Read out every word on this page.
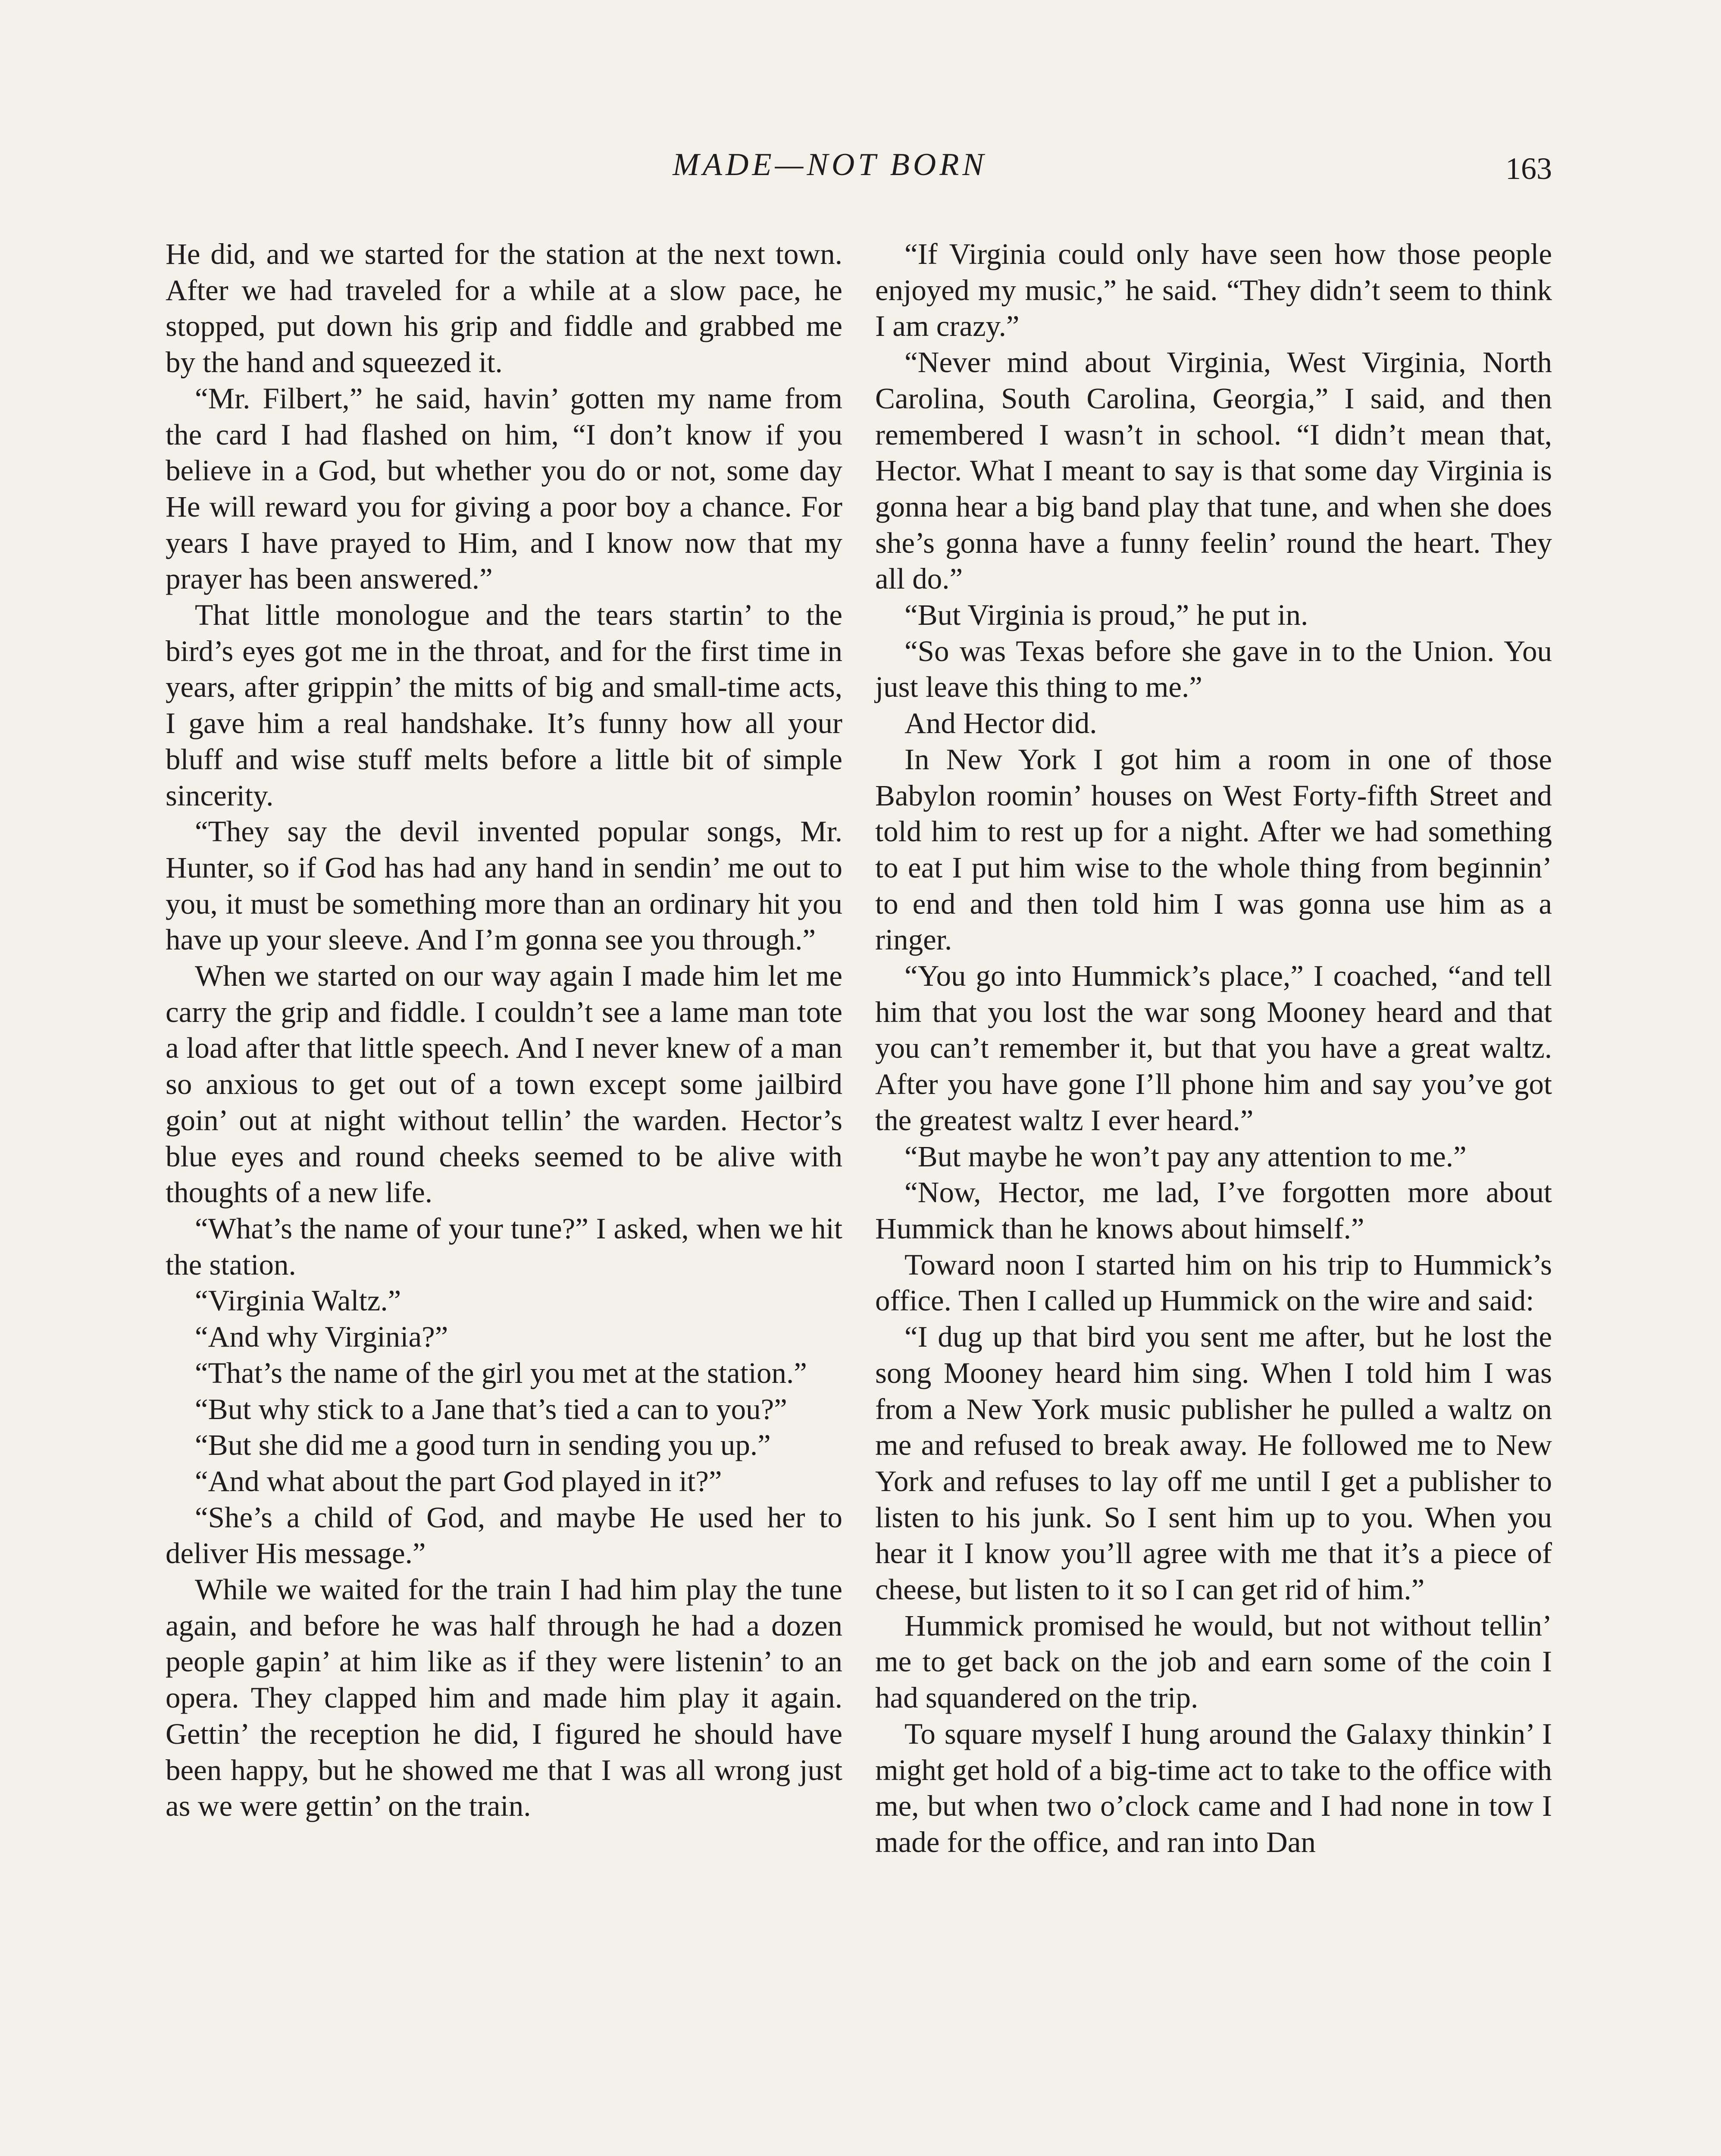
MADE—NOT BORN	163

He did, and we started for the station at the next town. After we had traveled for a while at a slow pace, he stopped, put down his grip and fiddle and grabbed me by the hand and squeezed it.

“Mr. Filbert,” he said, havin’ gotten my name from the card I had flashed on him, “I don’t know if you believe in a God, but whether you do or not, some day He will reward you for giving a poor boy a chance. For years I have prayed to Him, and I know now that my prayer has been answered.”

That little monologue and the tears startin’ to the bird’s eyes got me in the throat, and for the first time in years, after grippin’ the mitts of big and small-time acts, I gave him a real handshake. It’s funny how all your bluff and wise stuff melts before a little bit of simple sincerity.

“They say the devil invented popular songs, Mr. Hunter, so if God has had any hand in sendin’ me out to you, it must be something more than an ordinary hit you have up your sleeve. And I’m gonna see you through.”

When we started on our way again I made him let me carry the grip and fiddle. I couldn’t see a lame man tote a load after that little speech. And I never knew of a man so anxious to get out of a town except some jailbird goin’ out at night without tellin’ the warden. Hector’s blue eyes and round cheeks seemed to be alive with thoughts of a new life.

“What’s the name of your tune?” I asked, when we hit the station.

“Virginia Waltz.”

“And why Virginia?”

“That’s the name of the girl you met at the station.”

“But why stick to a Jane that’s tied a can to you?”

“But she did me a good turn in sending you up.”

“And what about the part God played in it?”

“She’s a child of God, and maybe He used her to deliver His message.”

While we waited for the train I had him play the tune again, and before he was half through he had a dozen people gapin’ at him like as if they were listenin’ to an opera. They clapped him and made him play it again. Gettin’ the reception he did, I figured he should have been happy, but he showed me that I was all wrong just as we were gettin’ on the train.

“If Virginia could only have seen how those people enjoyed my music,” he said. “They didn’t seem to think I am crazy.”

“Never mind about Virginia, West Virginia, North Carolina, South Carolina, Georgia,” I said, and then remembered I wasn’t in school. “I didn’t mean that, Hector. What I meant to say is that some day Virginia is gonna hear a big band play that tune, and when she does she’s gonna have a funny feelin’ round the heart. They all do.”

“But Virginia is proud,” he put in.

“So was Texas before she gave in to the Union. You just leave this thing to me.”

And Hector did.

In New York I got him a room in one of those Babylon roomin’ houses on West Forty-fifth Street and told him to rest up for a night. After we had something to eat I put him wise to the whole thing from beginnin’ to end and then told him I was gonna use him as a ringer.

“You go into Hummick’s place,” I coached, “and tell him that you lost the war song Mooney heard and that you can’t remember it, but that you have a great waltz. After you have gone I’ll phone him and say you’ve got the greatest waltz I ever heard.”

“But maybe he won’t pay any attention to me.”

“Now, Hector, me lad, I’ve forgotten more about Hummick than he knows about himself.”

Toward noon I started him on his trip to Hummick’s office. Then I called up Hummick on the wire and said:

“I dug up that bird you sent me after, but he lost the song Mooney heard him sing. When I told him I was from a New York music publisher he pulled a waltz on me and refused to break away. He followed me to New York and refuses to lay off me until I get a publisher to listen to his junk. So I sent him up to you. When you hear it I know you’ll agree with me that it’s a piece of cheese, but listen to it so I can get rid of him.”

Hummick promised he would, but not without tellin’ me to get back on the job and earn some of the coin I had squandered on the trip.

To square myself I hung around the Galaxy thinkin’ I might get hold of a big-time act to take to the office with me, but when two o’clock came and I had none in tow I made for the office, and ran into Dan
